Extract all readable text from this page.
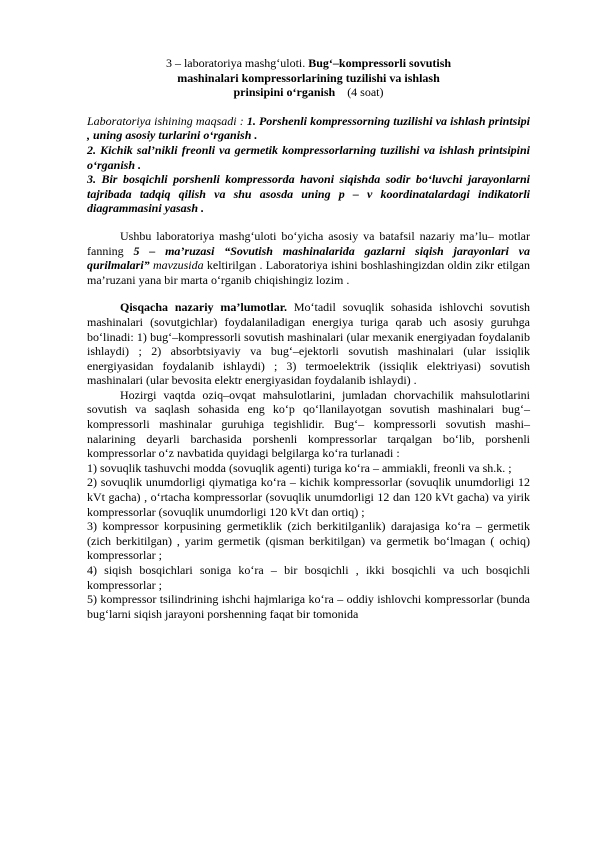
3 – laboratoriya mashg‘uloti. Bug‘–kompressorli sovutish
mashinalari kompressorlarining tuzilishi va ishlash
prinsipini o‘rganish (4 soat)

Laboratoriya ishining maqsadi : 1. Porshenli kompressorning tuzilishi va ishlash printsipi , uning asosiy turlarini o‘rganish .

2. Kichik sal’nikli freonli va germetik kompressorlarning tuzilishi va ishlash printsipini o‘rganish .

3. Bir bosqichli porshenli kompressorda havoni siqishda sodir bo‘luvchi jarayonlarni tajribada tadqiq qilish va shu asosda uning p – v koordinatalardagi indikatorli diagrammasini yasash .

Ushbu laboratoriya mashg‘uloti bo‘yicha asosiy va batafsil nazariy ma’lu– motlar fanning 5 – ma’ruzasi “Sovutish mashinalarida gazlarni siqish jarayonlari va qurilmalari” mavzusida keltirilgan . Laboratoriya ishini boshlashingizdan oldin zikr etilgan ma’ruzani yana bir marta o‘rganib chiqishingiz lozim .

Qisqacha nazariy ma’lumotlar. Mo‘tadil sovuqlik sohasida ishlovchi sovutish mashinalari (sovutgichlar) foydalaniladigan energiya turiga qarab uch asosiy guruhga bo‘linadi: 1) bug‘–kompressorli sovutish mashinalari (ular mexanik energiyadan foydalanib ishlaydi) ; 2) absorbtsiyaviy va bug‘–ejektorli sovutish mashinalari (ular issiqlik energiyasidan foydalanib ishlaydi) ; 3) termoelektrik (issiqlik elektriyasi) sovutish mashinalari (ular bevosita elektr energiyasidan foydalanib ishlaydi) .

Hozirgi vaqtda oziq–ovqat mahsulotlarini, jumladan chorvachilik mahsulotlarini sovutish va saqlash sohasida eng ko‘p qo‘llanilayotgan sovutish mashinalari bug‘–kompressorli mashinalar guruhiga tegishlidir. Bug‘– kompressorli sovutish mashi–nalarining deyarli barchasida porshenli kompressorlar tarqalgan bo‘lib, porshenli kompressorlar o‘z navbatida quyidagi belgilarga ko‘ra turlanadi :

1) sovuqlik tashuvchi modda (sovuqlik agenti) turiga ko‘ra – ammiakli, freonli va sh.k. ;

2) sovuqlik unumdorligi qiymatiga ko‘ra – kichik kompressorlar (sovuqlik unumdorligi 12 kVt gacha) , o‘rtacha kompressorlar (sovuqlik unumdorligi 12 dan 120 kVt gacha) va yirik kompressorlar (sovuqlik unumdorligi 120 kVt dan ortiq) ;

3) kompressor korpusining germetiklik (zich berkitilganlik) darajasiga ko‘ra – germetik (zich berkitilgan) , yarim germetik (qisman berkitilgan) va germetik bo‘lmagan ( ochiq) kompressorlar ;

4) siqish bosqichlari soniga ko‘ra – bir bosqichli , ikki bosqichli va uch bosqichli kompressorlar ;

5) kompressor tsilindrining ishchi hajmlariga ko‘ra – oddiy ishlovchi kompressorlar (bunda bug‘larni siqish jarayoni porshenning faqat bir tomonida
